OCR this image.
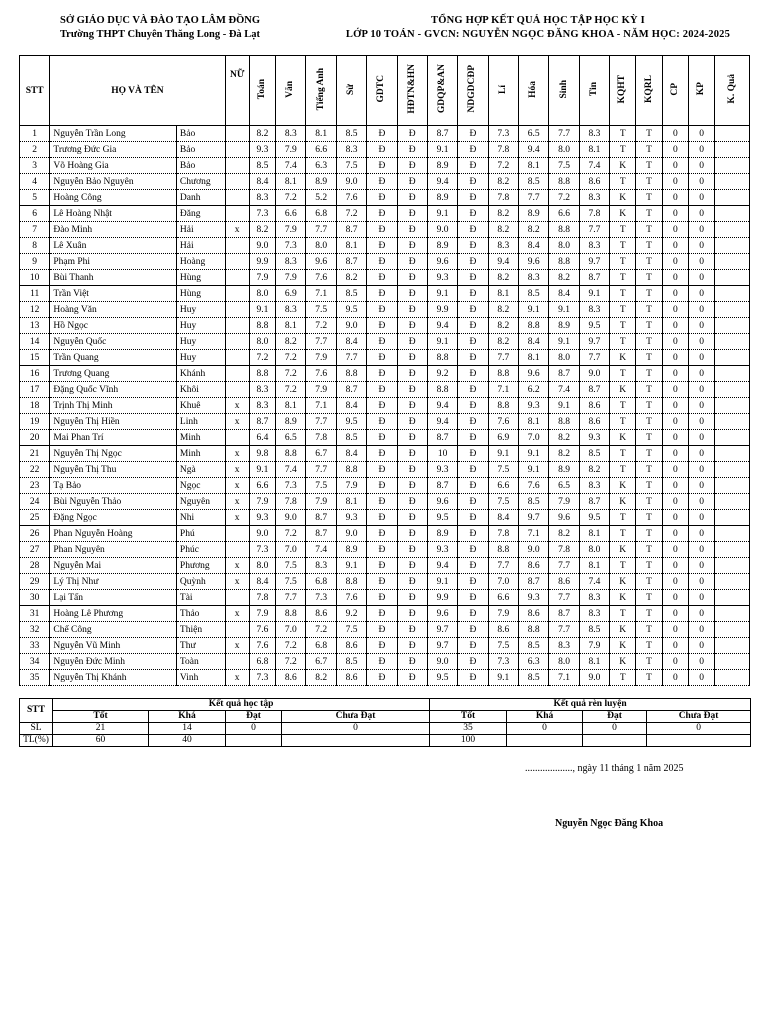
SỞ GIÁO DỤC VÀ ĐÀO TẠO LÂM ĐỒNG
Trường THPT Chuyên Thăng Long - Đà Lạt
TỔNG HỢP KẾT QUẢ HỌC TẬP HỌC KỲ I
LỚP 10 TOÁN - GVCN: NGUYỄN NGỌC ĐĂNG KHOA - NĂM HỌC: 2024-2025
STT	HỌ VÀ TÊN		NỮ	Toán	Văn	Tiếng Anh	Sử	GDTC	HĐTN&HN	GDQP&AN	NDGDCĐP	Lí	Hóa	Sinh	Tin	KQHT	KQRL	CP	KP	K. Quả
1	Nguyễn Trần Long	Bảo		8.2	8.3	8.1	8.5	Đ	Đ	8.7	Đ	7.3	6.5	7.7	8.3	T	T	0	0	
2	Trương Đức Gia	Bảo		9.3	7.9	6.6	8.3	Đ	Đ	9.1	Đ	7.8	9.4	8.0	8.1	T	T	0	0	
3	Võ Hoàng Gia	Bảo		8.5	7.4	6.3	7.5	Đ	Đ	8.9	Đ	7.2	8.1	7.5	7.4	K	T	0	0	
4	Nguyễn Bảo Nguyên	Chương		8.4	8.1	8.9	9.0	Đ	Đ	9.4	Đ	8.2	8.5	8.8	8.6	T	T	0	0	
5	Hoàng Công	Danh		8.3	7.2	5.2	7.6	Đ	Đ	8.9	Đ	7.8	7.7	7.2	8.3	K	T	0	0	
6	Lê Hoàng Nhật	Đăng		7.3	6.6	6.8	7.2	Đ	Đ	9.1	Đ	8.2	8.9	6.6	7.8	K	T	0	0	
7	Đào Minh	Hải	x	8.2	7.9	7.7	8.7	Đ	Đ	9.0	Đ	8.2	8.2	8.8	7.7	T	T	0	0	
8	Lê Xuân	Hải		9.0	7.3	8.0	8.1	Đ	Đ	8.9	Đ	8.3	8.4	8.0	8.3	T	T	0	0	
9	Phạm Phi	Hoàng		9.9	8.3	9.6	8.7	Đ	Đ	9.6	Đ	9.4	9.6	8.8	9.7	T	T	0	0	
10	Bùi Thanh	Hùng		7.9	7.9	7.6	8.2	Đ	Đ	9.3	Đ	8.2	8.3	8.2	8.7	T	T	0	0	
11	Trần Việt	Hùng		8.0	6.9	7.1	8.5	Đ	Đ	9.1	Đ	8.1	8.5	8.4	9.1	T	T	0	0	
12	Hoàng Văn	Huy		9.1	8.3	7.5	9.5	Đ	Đ	9.9	Đ	8.2	9.1	9.1	8.3	T	T	0	0	
13	Hồ Ngọc	Huy		8.8	8.1	7.2	9.0	Đ	Đ	9.4	Đ	8.2	8.8	8.9	9.5	T	T	0	0	
14	Nguyễn Quốc	Huy		8.0	8.2	7.7	8.4	Đ	Đ	9.1	Đ	8.2	8.4	9.1	9.7	T	T	0	0	
15	Trần Quang	Huy		7.2	7.2	7.9	7.7	Đ	Đ	8.8	Đ	7.7	8.1	8.0	7.7	K	T	0	0	
16	Trương Quang	Khánh		8.8	7.2	7.6	8.8	Đ	Đ	9.2	Đ	8.8	9.6	8.7	9.0	T	T	0	0	
17	Đặng Quốc Vĩnh	Khôi		8.3	7.2	7.9	8.7	Đ	Đ	8.8	Đ	7.1	6.2	7.4	8.7	K	T	0	0	
18	Trịnh Thị Minh	Khuê	x	8.3	8.1	7.1	8.4	Đ	Đ	9.4	Đ	8.8	9.3	9.1	8.6	T	T	0	0	
19	Nguyễn Thị Hiền	Linh	x	8.7	8.9	7.7	9.5	Đ	Đ	9.4	Đ	7.6	8.1	8.8	8.6	T	T	0	0	
20	Mai Phan Trí	Minh		6.4	6.5	7.8	8.5	Đ	Đ	8.7	Đ	6.9	7.0	8.2	9.3	K	T	0	0	
21	Nguyễn Thị Ngọc	Minh	x	9.8	8.8	6.7	8.4	Đ	Đ	10	Đ	9.1	9.1	8.2	8.5	T	T	0	0	
22	Nguyễn Thị Thu	Ngà	x	9.1	7.4	7.7	8.8	Đ	Đ	9.3	Đ	7.5	9.1	8.9	8.2	T	T	0	0	
23	Tạ Bảo	Ngọc	x	6.6	7.3	7.5	7.9	Đ	Đ	8.7	Đ	6.6	7.6	6.5	8.3	K	T	0	0	
24	Bùi Nguyễn Thảo	Nguyên	x	7.9	7.8	7.9	8.1	Đ	Đ	9.6	Đ	7.5	8.5	7.9	8.7	K	T	0	0	
25	Đặng Ngọc	Nhi	x	9.3	9.0	8.7	9.3	Đ	Đ	9.5	Đ	8.4	9.7	9.6	9.5	T	T	0	0	
26	Phan Nguyễn Hoàng	Phú		9.0	7.2	8.7	9.0	Đ	Đ	8.9	Đ	7.8	7.1	8.2	8.1	T	T	0	0	
27	Phan Nguyên	Phúc		7.3	7.0	7.4	8.9	Đ	Đ	9.3	Đ	8.8	9.0	7.8	8.0	K	T	0	0	
28	Nguyễn Mai	Phương	x	8.0	7.5	8.3	9.1	Đ	Đ	9.4	Đ	7.7	8.6	7.7	8.1	T	T	0	0	
29	Lý Thị Như	Quỳnh	x	8.4	7.5	6.8	8.8	Đ	Đ	9.1	Đ	7.0	8.7	8.6	7.4	K	T	0	0	
30	Lại Tấn	Tài		7.8	7.7	7.3	7.6	Đ	Đ	9.9	Đ	6.6	9.3	7.7	8.3	K	T	0	0	
31	Hoàng Lê Phương	Thảo	x	7.9	8.8	8.6	9.2	Đ	Đ	9.6	Đ	7.9	8.6	8.7	8.3	T	T	0	0	
32	Chế Công	Thiện		7.6	7.0	7.2	7.5	Đ	Đ	9.7	Đ	8.6	8.8	7.7	8.5	K	T	0	0	
33	Nguyễn Vũ Minh	Thư	x	7.6	7.2	6.8	8.6	Đ	Đ	9.7	Đ	7.5	8.5	8.3	7.9	K	T	0	0	
34	Nguyễn Đức Minh	Toàn		6.8	7.2	6.7	8.5	Đ	Đ	9.0	Đ	7.3	6.3	8.0	8.1	K	T	0	0	
35	Nguyễn Thị Khánh	Vinh	x	7.3	8.6	8.2	8.6	Đ	Đ	9.5	Đ	9.1	8.5	7.1	9.0	T	T	0	0	
STT	Kết quả học tập				Kết quả rèn luyện			
	Tốt	Khá	Đạt	Chưa Đạt	Tốt	Khá	Đạt	Chưa Đạt
SL	21	14	0	0	35	0	0	0
TL(%)	60	40			100			
..................., ngày 11 tháng 1 năm 2025
Nguyễn Ngọc Đăng Khoa
